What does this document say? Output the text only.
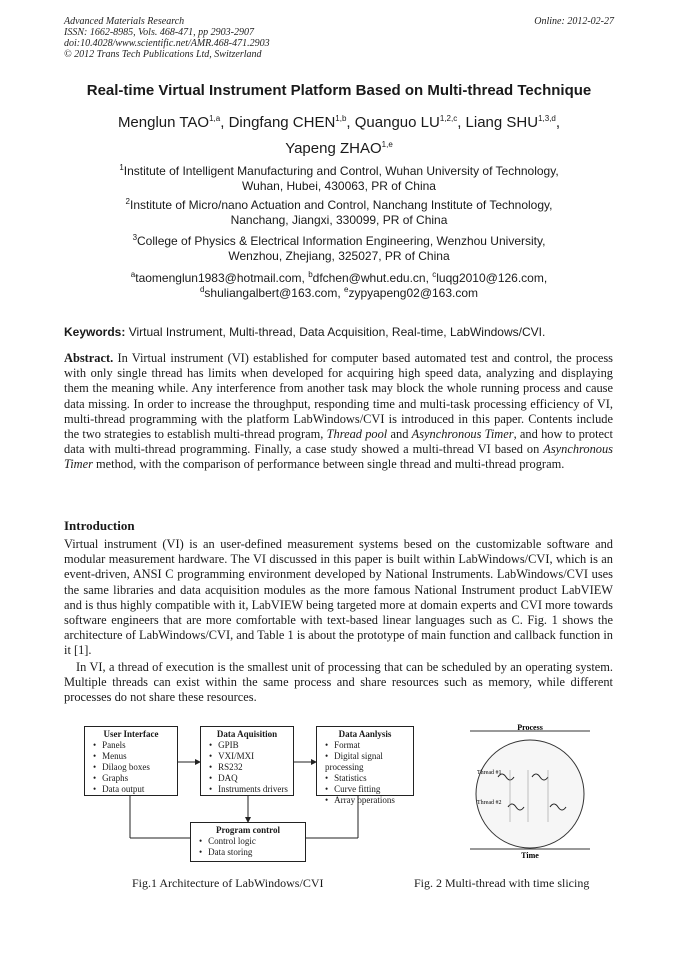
Advanced Materials Research
ISSN: 1662-8985, Vols. 468-471, pp 2903-2907
doi:10.4028/www.scientific.net/AMR.468-471.2903
© 2012 Trans Tech Publications Ltd, Switzerland
Online: 2012-02-27
Real-time Virtual Instrument Platform Based on Multi-thread Technique
Menglun TAO$^{1,a}$, Dingfang CHEN$^{1,b}$, Quanguo LU$^{1,2,c}$, Liang SHU$^{1,3,d}$,
Yapeng ZHAO$^{1,e}$
$^1$Institute of Intelligent Manufacturing and Control, Wuhan University of Technology,
Wuhan, Hubei, 430063, PR of China
$^2$Institute of Micro/nano Actuation and Control, Nanchang Institute of Technology,
Nanchang, Jiangxi, 330099, PR of China
$^3$College of Physics & Electrical Information Engineering, Wenzhou University,
Wenzhou, Zhejiang, 325027, PR of China
$^a$taomenglun1983@hotmail.com, $^b$dfchen@whut.edu.cn, $^c$luqg2010@126.com,
$^d$shuliangalbert@163.com, $^e$zypyapeng02@163.com
Keywords: Virtual Instrument, Multi-thread, Data Acquisition, Real-time, LabWindows/CVI.
Abstract. In Virtual instrument (VI) established for computer based automated test and control, the process with only single thread has limits when developed for acquiring high speed data, analyzing and displaying them the meaning while. Any interference from another task may block the whole running process and cause data missing. In order to increase the throughput, responding time and multi-task processing efficiency of VI, multi-thread programming with the platform LabWindows/CVI is introduced in this paper. Contents include the two strategies to establish multi-thread program, Thread pool and Asynchronous Timer, and how to protect data with multi-thread programming. Finally, a case study showed a multi-thread VI based on Asynchronous Timer method, with the comparison of performance between single thread and multi-thread program.
Introduction
Virtual instrument (VI) is an user-defined measurement systems besed on the customizable software and modular measurement hardware. The VI discussed in this paper is built within LabWindows/CVI, which is an event-driven, ANSI C programming environment developed by National Instruments. LabWindows/CVI uses the same libraries and data acquisition modules as the more famous National Instrument product LabVIEW and is thus highly compatible with it, LabVIEW being targeted more at domain experts and CVI more towards software engineers that are more comfortable with text-based linear languages such as C. Fig. 1 shows the architecture of LabWindows/CVI, and Table 1 is about the prototype of main function and callback function in it [1].
In VI, a thread of execution is the smallest unit of processing that can be scheduled by an operating system. Multiple threads can exist within the same process and share resources such as memory, while different processes do not share these resources.
User Interface
• Panels
• Menus
• Dilaog boxes
• Graphs
• Data output
Data Aquisition
• GPIB
• VXI/MXI
• RS232
• DAQ
• Instruments drivers
Data Aanlysis
• Format
• Digital signal processing
• Statistics
• Curve fitting
• Array operations
Program control
• Control logic
• Data storing
Process
Thread #1
Thread #2
Time
Fig.1 Architecture of LabWindows/CVI	Fig. 2 Multi-thread with time slicing
